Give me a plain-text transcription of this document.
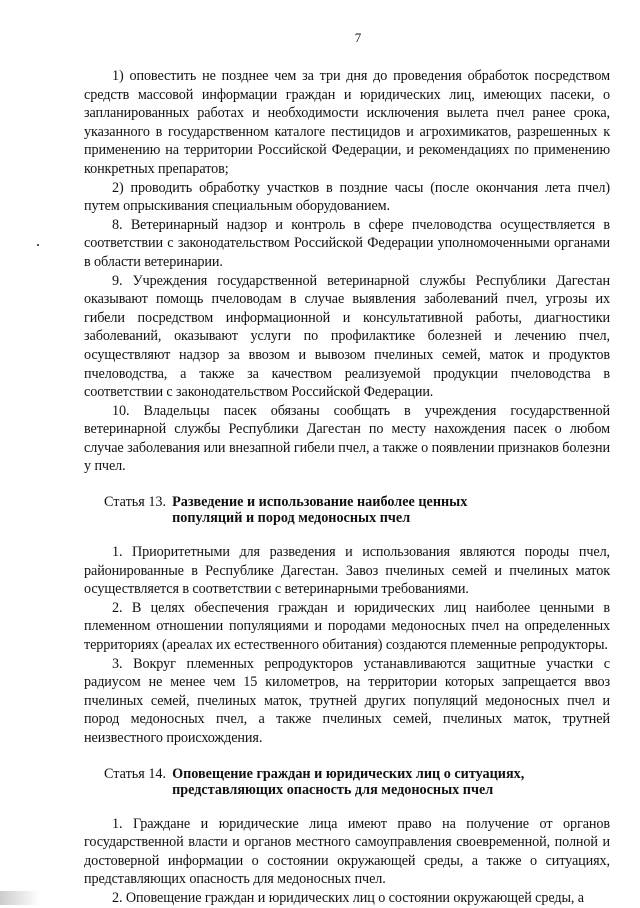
7

1) оповестить не позднее чем за три дня до проведения обработок посредством средств массовой информации граждан и юридических лиц, имеющих пасеки, о запланированных работах и необходимости исключения вылета пчел ранее срока, указанного в государственном каталоге пестицидов и агрохимикатов, разрешенных к применению на территории Российской Федерации, и рекомендациях по применению конкретных препаратов;

2) проводить обработку участков в поздние часы (после окончания лета пчел) путем опрыскивания специальным оборудованием.

8. Ветеринарный надзор и контроль в сфере пчеловодства осуществляется в соответствии с законодательством Российской Федерации уполномоченными органами в области ветеринарии.

9. Учреждения государственной ветеринарной службы Республики Дагестан оказывают помощь пчеловодам в случае выявления заболеваний пчел, угрозы их гибели посредством информационной и консультативной работы, диагностики заболеваний, оказывают услуги по профилактике болезней и лечению пчел, осуществляют надзор за ввозом и вывозом пчелиных семей, маток и продуктов пчеловодства, а также за качеством реализуемой продукции пчеловодства в соответствии с законодательством Российской Федерации.

10. Владельцы пасек обязаны сообщать в учреждения государственной ветеринарной службы Республики Дагестан по месту нахождения пасек о любом случае заболевания или внезапной гибели пчел, а также о появлении признаков болезни у пчел.

Статья 13. Разведение и использование наиболее ценных
популяций и пород медоносных пчел

1. Приоритетными для разведения и использования являются породы пчел, районированные в Республике Дагестан. Завоз пчелиных семей и пчелиных маток осуществляется в соответствии с ветеринарными требованиями.

2. В целях обеспечения граждан и юридических лиц наиболее ценными в племенном отношении популяциями и породами медоносных пчел на определенных территориях (ареалах их естественного обитания) создаются племенные репродукторы.

3. Вокруг племенных репродукторов устанавливаются защитные участки с радиусом не менее чем 15 километров, на территории которых запрещается ввоз пчелиных семей, пчелиных маток, трутней других популяций медоносных пчел и пород медоносных пчел, а также пчелиных семей, пчелиных маток, трутней неизвестного происхождения.

Статья 14. Оповещение граждан и юридических лиц о ситуациях,
представляющих опасность для медоносных пчел

1. Граждане и юридические лица имеют право на получение от органов государственной власти и органов местного самоуправления своевременной, полной и достоверной информации о состоянии окружающей среды, а также о ситуациях, представляющих опасность для медоносных пчел.

2. Оповещение граждан и юридических лиц о состоянии окружающей среды, а
